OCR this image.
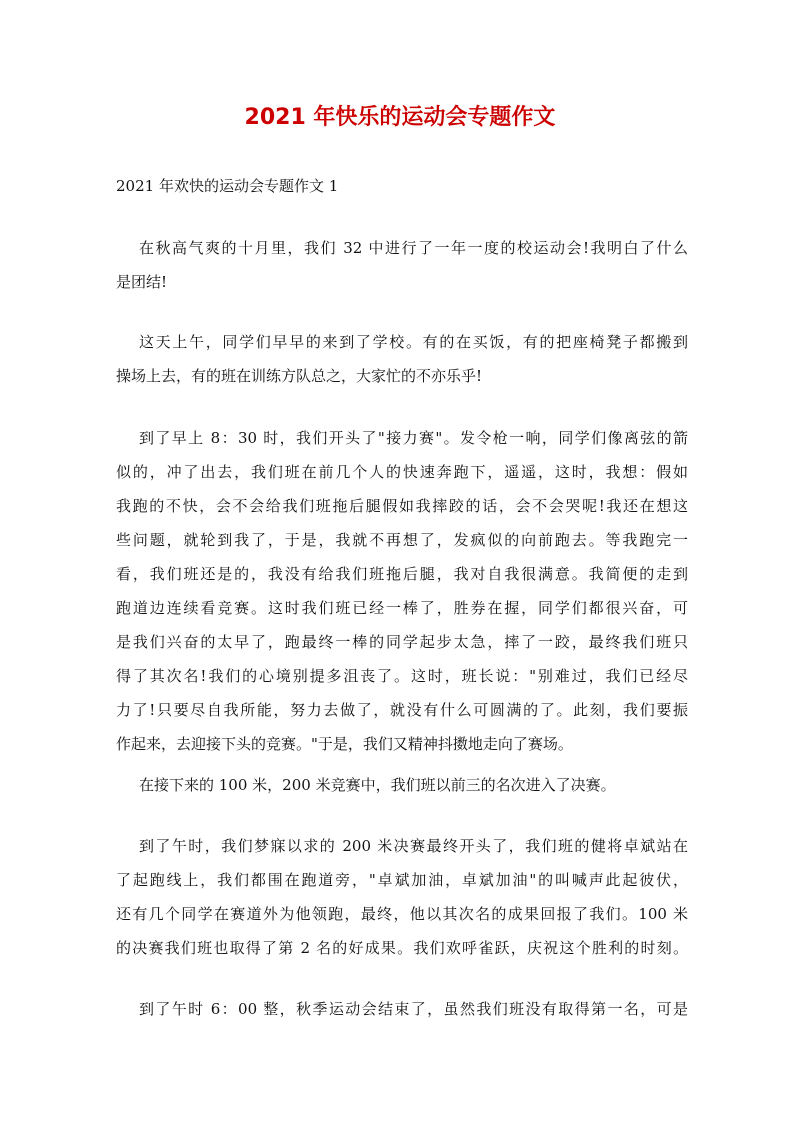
2021 年快乐的运动会专题作文
2021 年欢快的运动会专题作文 1
在秋高气爽的十月里，我们 32 中进行了一年一度的校运动会!我明白了什么
是团结!
这天上午，同学们早早的来到了学校。有的在买饭，有的把座椅凳子都搬到
操场上去，有的班在训练方队总之，大家忙的不亦乐乎!
到了早上 8：30 时，我们开头了"接力赛"。发令枪一响，同学们像离弦的箭
似的，冲了出去，我们班在前几个人的快速奔跑下，遥遥，这时，我想：假如
我跑的不快，会不会给我们班拖后腿假如我摔跤的话，会不会哭呢!我还在想这
些问题，就轮到我了，于是，我就不再想了，发疯似的向前跑去。等我跑完一
看，我们班还是的，我没有给我们班拖后腿，我对自我很满意。我简便的走到
跑道边连续看竞赛。这时我们班已经一棒了，胜券在握，同学们都很兴奋，可
是我们兴奋的太早了，跑最终一棒的同学起步太急，摔了一跤，最终我们班只
得了其次名!我们的心境别提多沮丧了。这时，班长说："别难过，我们已经尽
力了!只要尽自我所能，努力去做了，就没有什么可圆满的了。此刻，我们要振
作起来，去迎接下头的竞赛。"于是，我们又精神抖擞地走向了赛场。
在接下来的 100 米，200 米竞赛中，我们班以前三的名次进入了决赛。
到了午时，我们梦寐以求的 200 米决赛最终开头了，我们班的健将卓斌站在
了起跑线上，我们都围在跑道旁，"卓斌加油，卓斌加油"的叫喊声此起彼伏，
还有几个同学在赛道外为他领跑，最终，他以其次名的成果回报了我们。100 米
的决赛我们班也取得了第 2 名的好成果。我们欢呼雀跃，庆祝这个胜利的时刻。
到了午时 6：00 整，秋季运动会结束了，虽然我们班没有取得第一名，可是
